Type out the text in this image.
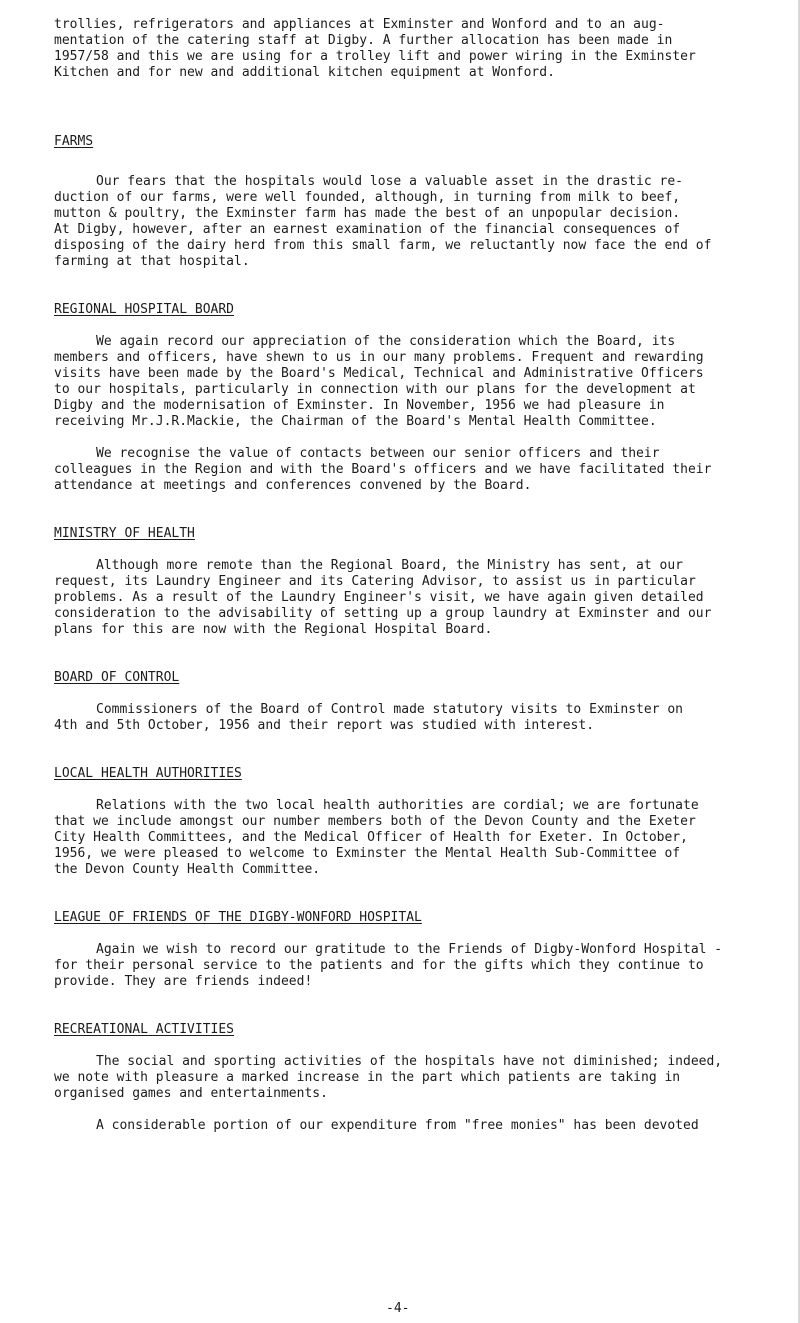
trollies, refrigerators and appliances at Exminster and Wonford and to an aug-
mentation of the catering staff at Digby. A further allocation has been made in
1957/58 and this we are using for a trolley lift and power wiring in the Exminster
Kitchen and for new and additional kitchen equipment at Wonford.
FARMS
Our fears that the hospitals would lose a valuable asset in the drastic re-
duction of our farms, were well founded, although, in turning from milk to beef,
mutton & poultry, the Exminster farm has made the best of an unpopular decision.
At Digby, however, after an earnest examination of the financial consequences of
disposing of the dairy herd from this small farm, we reluctantly now face the end of
farming at that hospital.
REGIONAL HOSPITAL BOARD
We again record our appreciation of the consideration which the Board, its
members and officers, have shewn to us in our many problems. Frequent and rewarding
visits have been made by the Board's Medical, Technical and Administrative Officers
to our hospitals, particularly in connection with our plans for the development at
Digby and the modernisation of Exminster. In November, 1956 we had pleasure in
receiving Mr.J.R.Mackie, the Chairman of the Board's Mental Health Committee.
We recognise the value of contacts between our senior officers and their
colleagues in the Region and with the Board's officers and we have facilitated their
attendance at meetings and conferences convened by the Board.
MINISTRY OF HEALTH
Although more remote than the Regional Board, the Ministry has sent, at our
request, its Laundry Engineer and its Catering Advisor, to assist us in particular
problems. As a result of the Laundry Engineer's visit, we have again given detailed
consideration to the advisability of setting up a group laundry at Exminster and our
plans for this are now with the Regional Hospital Board.
BOARD OF CONTROL
Commissioners of the Board of Control made statutory visits to Exminster on
4th and 5th October, 1956 and their report was studied with interest.
LOCAL HEALTH AUTHORITIES
Relations with the two local health authorities are cordial; we are fortunate
that we include amongst our number members both of the Devon County and the Exeter
City Health Committees, and the Medical Officer of Health for Exeter. In October,
1956, we were pleased to welcome to Exminster the Mental Health Sub-Committee of
the Devon County Health Committee.
LEAGUE OF FRIENDS OF THE DIGBY-WONFORD HOSPITAL
Again we wish to record our gratitude to the Friends of Digby-Wonford Hospital -
for their personal service to the patients and for the gifts which they continue to
provide. They are friends indeed!
RECREATIONAL ACTIVITIES
The social and sporting activities of the hospitals have not diminished; indeed,
we note with pleasure a marked increase in the part which patients are taking in
organised games and entertainments.
A considerable portion of our expenditure from "free monies" has been devoted
-4-
